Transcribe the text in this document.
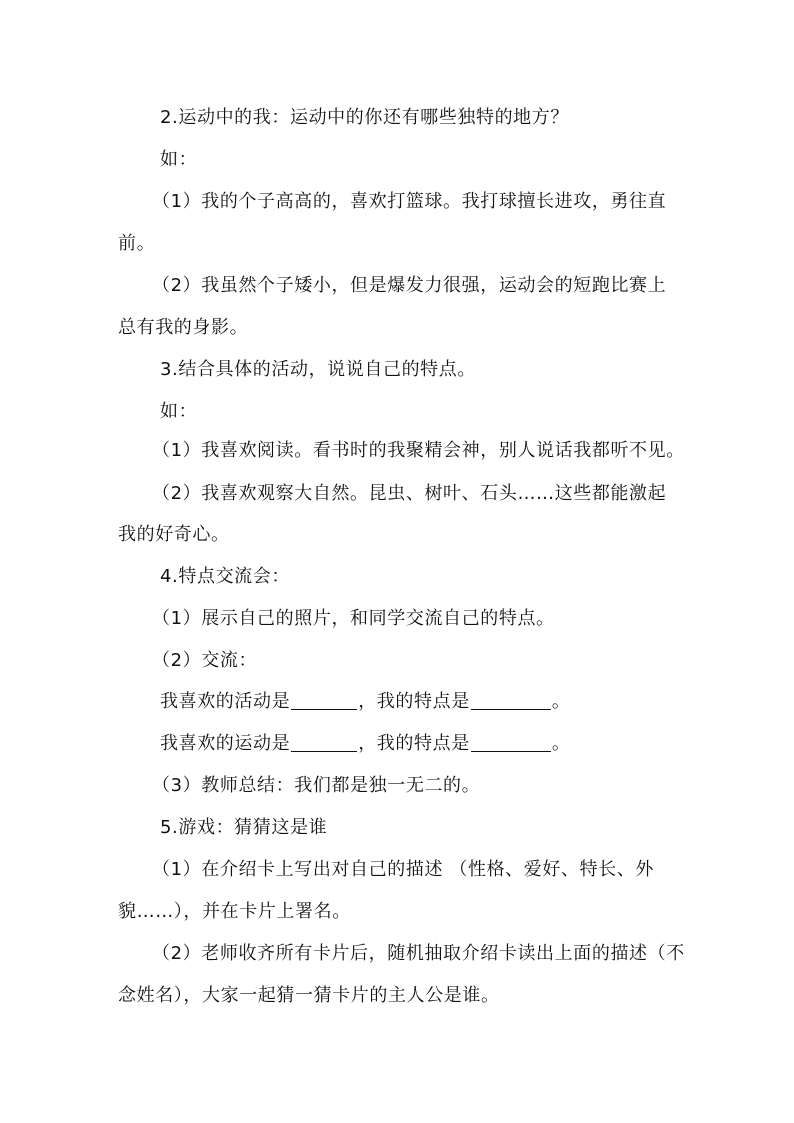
2.运动中的我：运动中的你还有哪些独特的地方？
如：
（1）我的个子高高的，喜欢打篮球。我打球擅长进攻，勇往直
前。
（2）我虽然个子矮小，但是爆发力很强，运动会的短跑比赛上
总有我的身影。
3.结合具体的活动，说说自己的特点。
如：
（1）我喜欢阅读。看书时的我聚精会神，别人说话我都听不见。
（2）我喜欢观察大自然。昆虫、树叶、石头……这些都能激起
我的好奇心。
4.特点交流会：
（1）展示自己的照片，和同学交流自己的特点。
（2）交流：
我喜欢的活动是	，我的特点是	。
我喜欢的运动是	，我的特点是	。
（3）教师总结：我们都是独一无二的。
5.游戏：猜猜这是谁
（1）在介绍卡上写出对自己的描述 （性格、爱好、特长、外
貌……），并在卡片上署名。
（2）老师收齐所有卡片后，随机抽取介绍卡读出上面的描述（不
念姓名），大家一起猜一猜卡片的主人公是谁。
